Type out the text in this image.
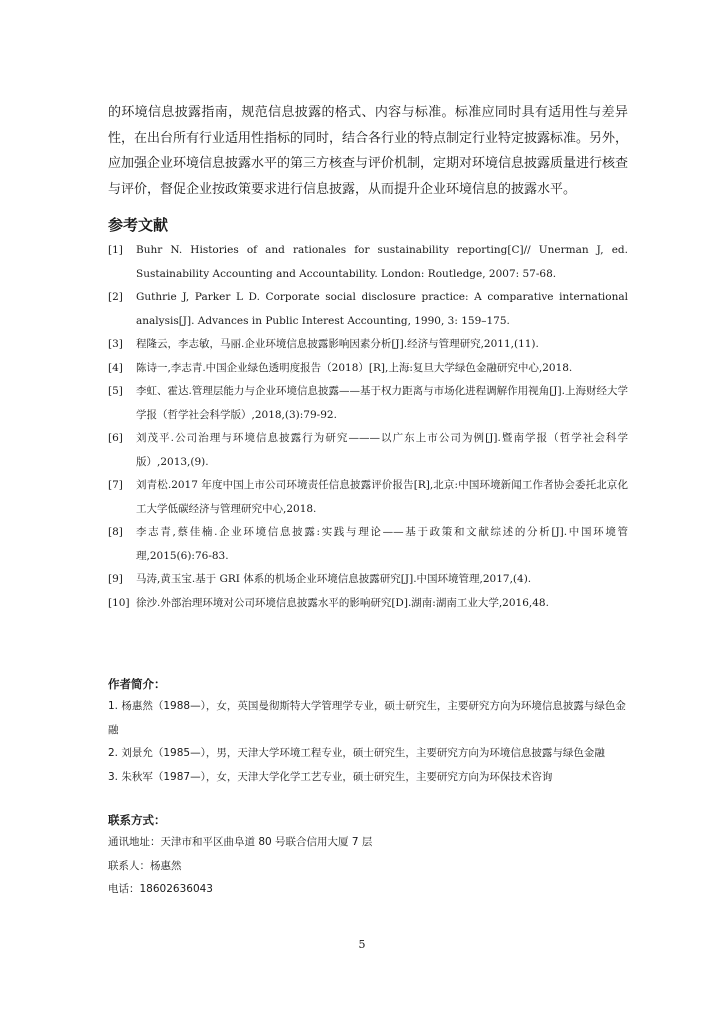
的环境信息披露指南，规范信息披露的格式、内容与标准。标准应同时具有适用性与差异性，在出台所有行业适用性指标的同时，结合各行业的特点制定行业特定披露标准。另外，应加强企业环境信息披露水平的第三方核查与评价机制，定期对环境信息披露质量进行核查与评价，督促企业按政策要求进行信息披露，从而提升企业环境信息的披露水平。

参考文献
[1] Buhr N. Histories of and rationales for sustainability reporting[C]// Unerman J, ed. Sustainability Accounting and Accountability. London: Routledge, 2007: 57-68.
[2] Guthrie J, Parker L D. Corporate social disclosure practice: A comparative international analysis[J]. Advances in Public Interest Accounting, 1990, 3: 159–175.
[3] 程隆云，李志敏，马丽.企业环境信息披露影响因素分析[J].经济与管理研究,2011,(11).
[4] 陈诗一,李志青.中国企业绿色透明度报告（2018）[R],上海:复旦大学绿色金融研究中心,2018.
[5] 李虹、霍达.管理层能力与企业环境信息披露——基于权力距离与市场化进程调解作用视角[J].上海财经大学学报（哲学社会科学版）,2018,(3):79-92.
[6] 刘茂平.公司治理与环境信息披露行为研究———以广东上市公司为例[J].暨南学报（哲学社会科学版）,2013,(9).
[7] 刘青松.2017 年度中国上市公司环境责任信息披露评价报告[R],北京:中国环境新闻工作者协会委托北京化工大学低碳经济与管理研究中心,2018.
[8] 李志青,蔡佳楠.企业环境信息披露:实践与理论——基于政策和文献综述的分析[J].中国环境管理,2015(6):76-83.
[9] 马涛,黄玉宝.基于 GRI 体系的机场企业环境信息披露研究[J].中国环境管理,2017,(4).
[10] 徐沙.外部治理环境对公司环境信息披露水平的影响研究[D].湖南:湖南工业大学,2016,48.
作者简介：

1. 杨惠然（1988—），女，英国曼彻斯特大学管理学专业，硕士研究生，主要研究方向为环境信息披露与绿色金融

2. 刘景允（1985—），男，天津大学环境工程专业，硕士研究生，主要研究方向为环境信息披露与绿色金融

3. 朱秋军（1987—），女，天津大学化学工艺专业，硕士研究生，主要研究方向为环保技术咨询

联系方式：

通讯地址：天津市和平区曲阜道 80 号联合信用大厦 7 层

联系人：杨惠然

电话：18602636043

5
